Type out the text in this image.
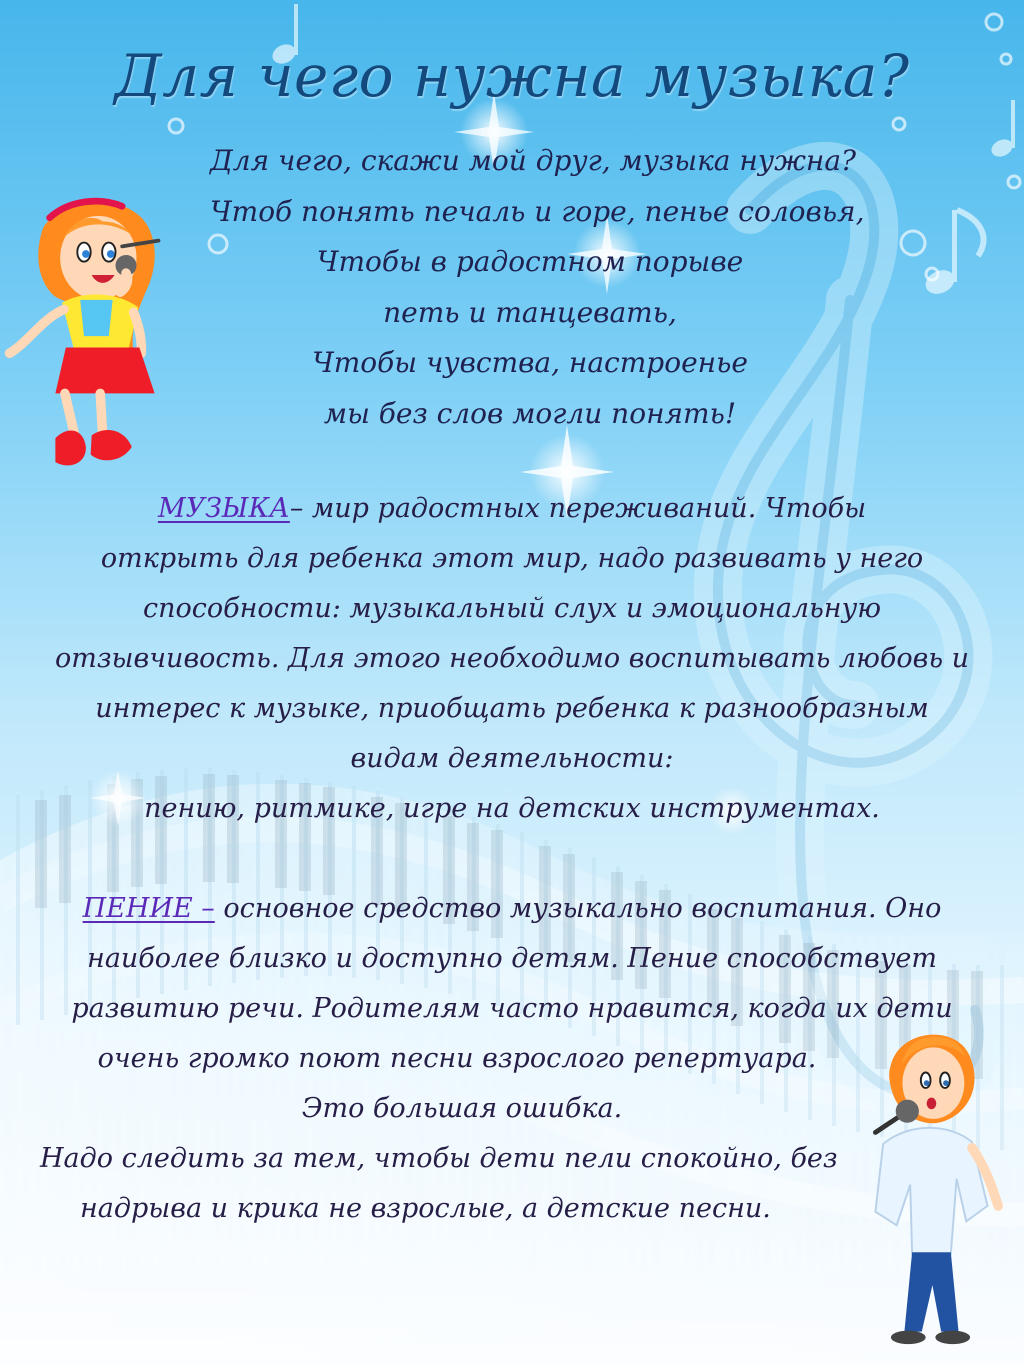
Для чего нужна музыка?
Для чего, скажи мой друг, музыка нужна?
Чтоб понять печаль и горе, пенье соловья,
Чтобы в радостном порыве
петь и танцевать,
Чтобы чувства, настроенье
мы без слов могли понять!
МУЗЫКА– мир радостных переживаний. Чтобы
открыть для ребенка этот мир, надо развивать у него
способности: музыкальный слух и эмоциональную
отзывчивость. Для этого необходимо воспитывать любовь и
интерес к музыке, приобщать ребенка к разнообразным
видам деятельности:
пению, ритмике, игре на детских инструментах.
ПЕНИЕ – основное средство музыкально воспитания. Оно
наиболее близко и доступно детям. Пение способствует
развитию речи. Родителям часто нравится, когда их дети
очень громко поют песни взрослого репертуара.
Это большая ошибка.
Надо следить за тем, чтобы дети пели спокойно, без
надрыва и крика не взрослые, а детские песни.
